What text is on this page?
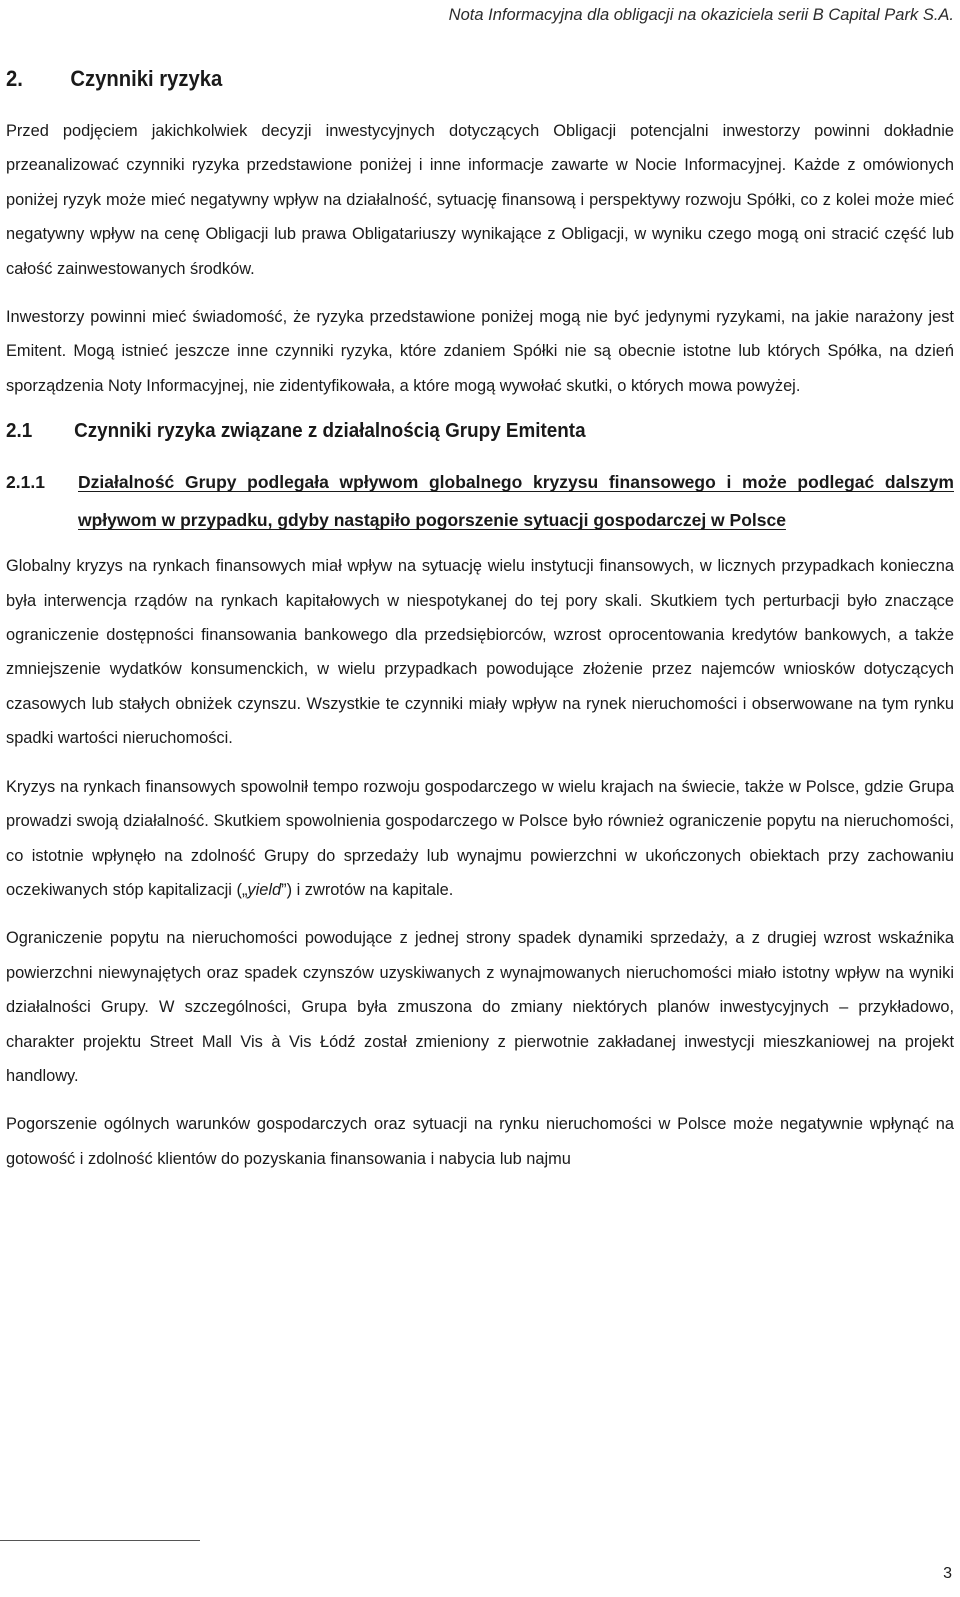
Nota Informacyjna dla obligacji na okaziciela serii B Capital Park S.A.
2. Czynniki ryzyka

Przed podjęciem jakichkolwiek decyzji inwestycyjnych dotyczących Obligacji potencjalni inwestorzy powinni dokładnie przeanalizować czynniki ryzyka przedstawione poniżej i inne informacje zawarte w Nocie Informacyjnej. Każde z omówionych poniżej ryzyk może mieć negatywny wpływ na działalność, sytuację finansową i perspektywy rozwoju Spółki, co z kolei może mieć negatywny wpływ na cenę Obligacji lub prawa Obligatariuszy wynikające z Obligacji, w wyniku czego mogą oni stracić część lub całość zainwestowanych środków.

Inwestorzy powinni mieć świadomość, że ryzyka przedstawione poniżej mogą nie być jedynymi ryzykami, na jakie narażony jest Emitent. Mogą istnieć jeszcze inne czynniki ryzyka, które zdaniem Spółki nie są obecnie istotne lub których Spółka, na dzień sporządzenia Noty Informacyjnej, nie zidentyfikowała, a które mogą wywołać skutki, o których mowa powyżej.

2.1 Czynniki ryzyka związane z działalnością Grupy Emitenta
2.1.1	Działalność Grupy podlegała wpływom globalnego kryzysu finansowego i może podlegać dalszym wpływom w przypadku, gdyby nastąpiło pogorszenie sytuacji gospodarczej w Polsce

Globalny kryzys na rynkach finansowych miał wpływ na sytuację wielu instytucji finansowych, w licznych przypadkach konieczna była interwencja rządów na rynkach kapitałowych w niespotykanej do tej pory skali. Skutkiem tych perturbacji było znaczące ograniczenie dostępności finansowania bankowego dla przedsiębiorców, wzrost oprocentowania kredytów bankowych, a także zmniejszenie wydatków konsumenckich, w wielu przypadkach powodujące złożenie przez najemców wniosków dotyczących czasowych lub stałych obniżek czynszu. Wszystkie te czynniki miały wpływ na rynek nieruchomości i obserwowane na tym rynku spadki wartości nieruchomości.

Kryzys na rynkach finansowych spowolnił tempo rozwoju gospodarczego w wielu krajach na świecie, także w Polsce, gdzie Grupa prowadzi swoją działalność. Skutkiem spowolnienia gospodarczego w Polsce było również ograniczenie popytu na nieruchomości, co istotnie wpłynęło na zdolność Grupy do sprzedaży lub wynajmu powierzchni w ukończonych obiektach przy zachowaniu oczekiwanych stóp kapitalizacji („yield”) i zwrotów na kapitale.

Ograniczenie popytu na nieruchomości powodujące z jednej strony spadek dynamiki sprzedaży, a z drugiej wzrost wskaźnika powierzchni niewynajętych oraz spadek czynszów uzyskiwanych z wynajmowanych nieruchomości miało istotny wpływ na wyniki działalności Grupy. W szczególności, Grupa była zmuszona do zmiany niektórych planów inwestycyjnych – przykładowo, charakter projektu Street Mall Vis à Vis Łódź został zmieniony z pierwotnie zakładanej inwestycji mieszkaniowej na projekt handlowy.

Pogorszenie ogólnych warunków gospodarczych oraz sytuacji na rynku nieruchomości w Polsce może negatywnie wpłynąć na gotowość i zdolność klientów do pozyskania finansowania i nabycia lub najmu

3
